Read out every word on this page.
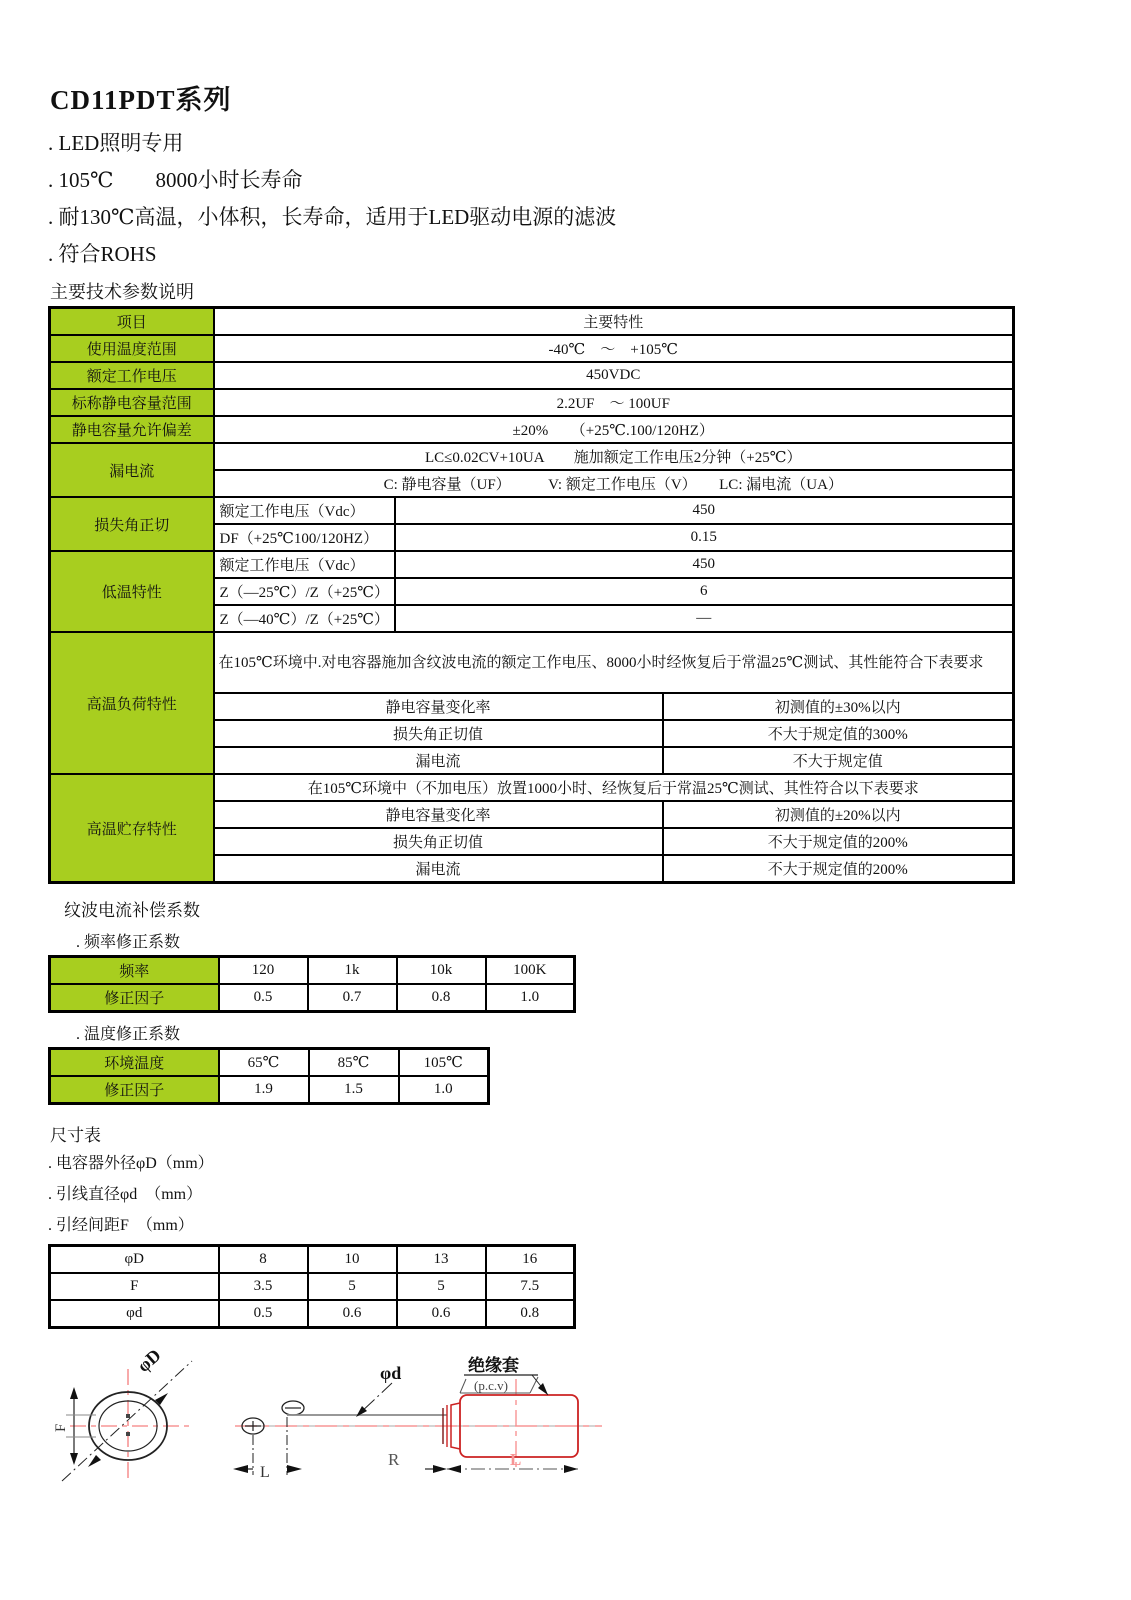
CD11PDT系列
. LED照明专用
. 105℃　　8000小时长寿命
. 耐130℃高温，小体积，长寿命，适用于LED驱动电源的滤波
. 符合ROHS
主要技术参数说明
项目	主要特性		
使用温度范围	-40℃　～　+105℃		
额定工作电压	450VDC		
标称静电容量范围	2.2UF　～ 100UF		
静电容量允许偏差	±20%　　（+25℃.100/120HZ）		
漏电流	LC≤0.02CV+10UA　　施加额定工作电压2分钟（+25℃）		
	C: 静电容量（UF）　　　V: 额定工作电压（V）　　LC: 漏电流（UA）		
损失角正切	额定工作电压（Vdc）	450	
	DF（+25℃100/120HZ）	0.15	
低温特性	额定工作电压（Vdc）	450	
	Z（—25℃）/Z（+25℃）	6	
	Z（—40℃）/Z（+25℃）	—	
高温负荷特性	在105℃环境中.对电容器施加含纹波电流的额定工作电压、8000小时经恢复后于常温25℃测试、其性能符合下表要求		
	静电容量变化率		初测值的±30%以内
	损失角正切值		不大于规定值的300%
	漏电流		不大于规定值
高温贮存特性	在105℃环境中（不加电压）放置1000小时、经恢复后于常温25℃测试、其性符合以下表要求		
	静电容量变化率		初测值的±20%以内
	损失角正切值		不大于规定值的200%
	漏电流		不大于规定值的200%
纹波电流补偿系数
. 频率修正系数
频率	120	1k	10k	100K
修正因子	0.5	0.7	0.8	1.0
. 温度修正系数
环境温度	65℃	85℃	105℃
修正因子	1.9	1.5	1.0
尺寸表
. 电容器外径φD（mm）
. 引线直径φd　（mm）
. 引经间距F　（mm）
φD	8	10	13	16
F	3.5	5	5	7.5
φd	0.5	0.6	0.6	0.8
φD
F
φd	绝缘套
(p.c.v)
L
R	L
